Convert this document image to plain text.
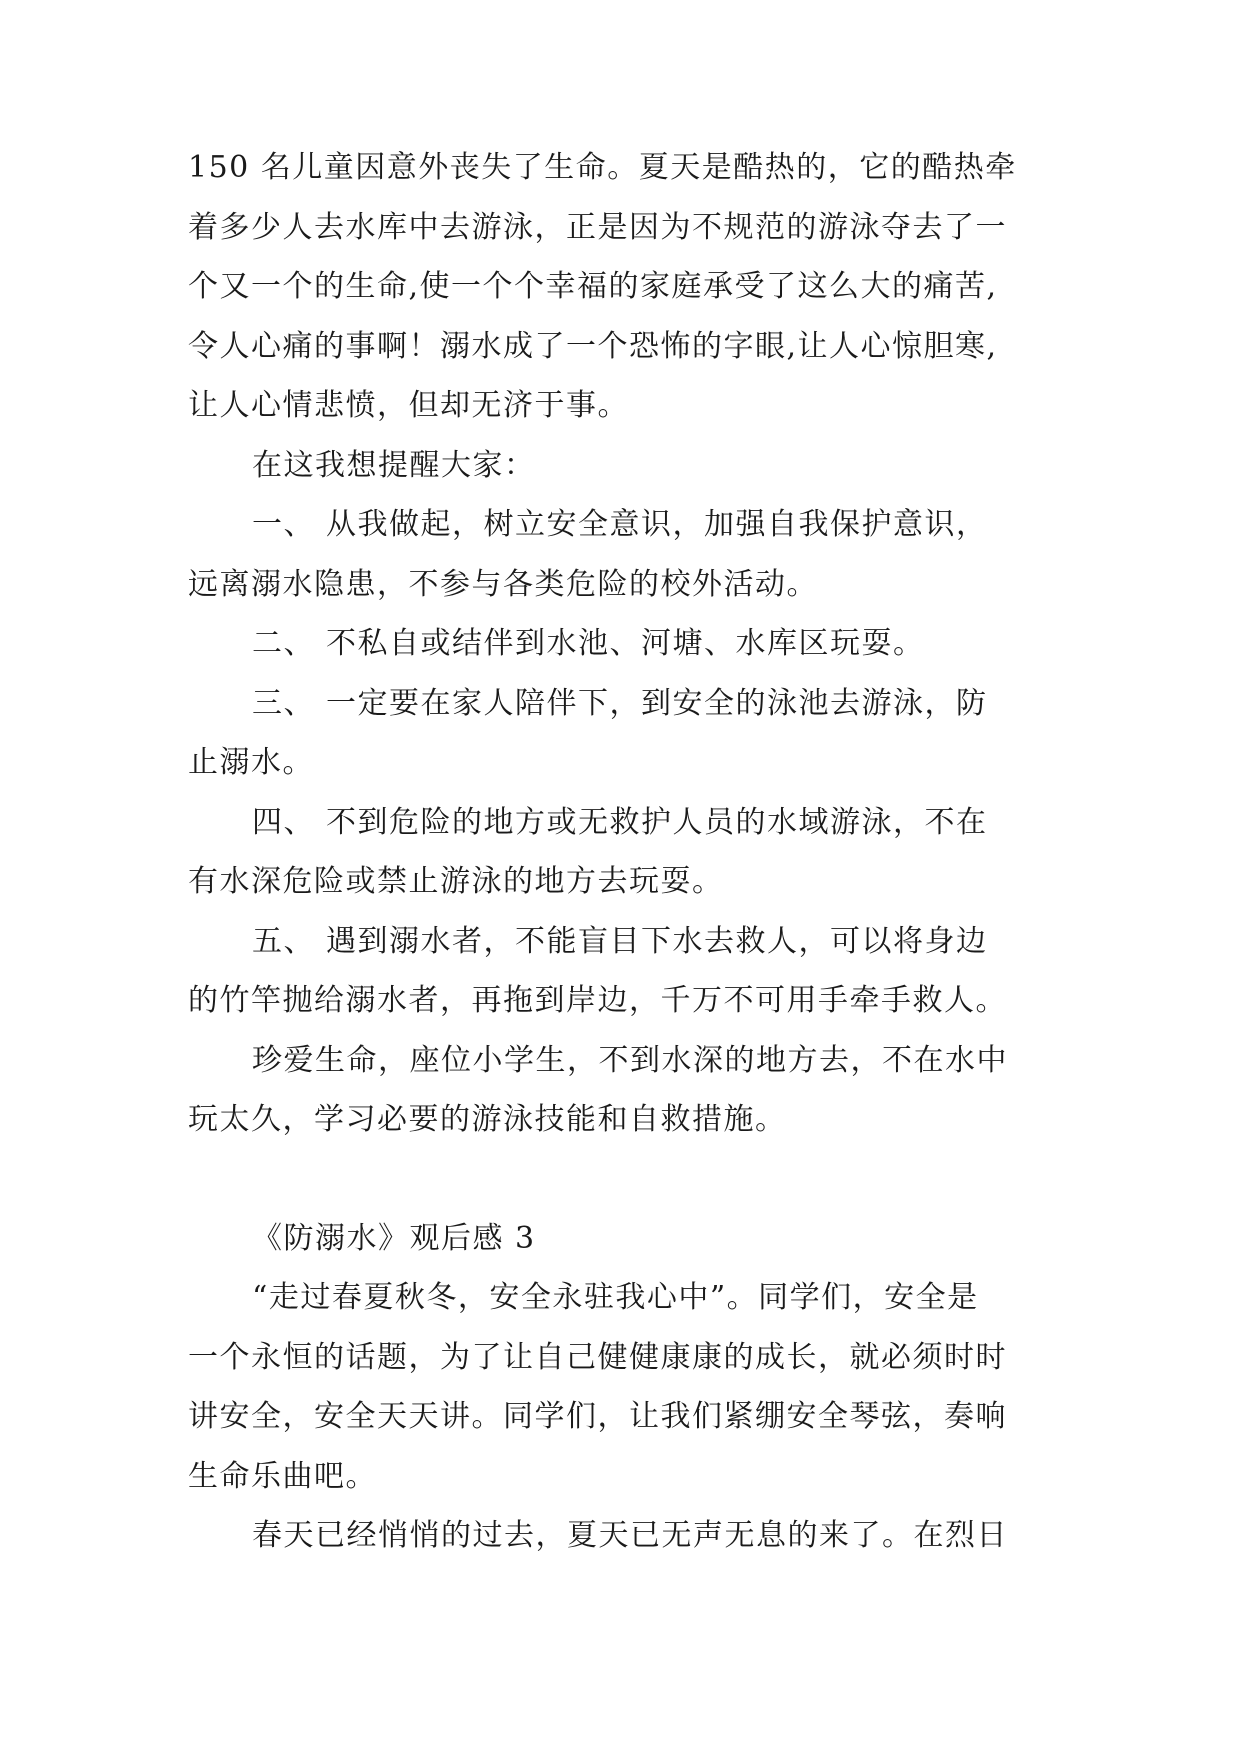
150 名儿童因意外丧失了生命。夏天是酷热的，它的酷热牵
着多少人去水库中去游泳，正是因为不规范的游泳夺去了一
个又一个的生命,使一个个幸福的家庭承受了这么大的痛苦,
令人心痛的事啊！溺水成了一个恐怖的字眼,让人心惊胆寒,
让人心情悲愤，但却无济于事。
在这我想提醒大家：
一、 从我做起，树立安全意识，加强自我保护意识，
远离溺水隐患，不参与各类危险的校外活动。
二、 不私自或结伴到水池、河塘、水库区玩耍。
三、 一定要在家人陪伴下，到安全的泳池去游泳，防
止溺水。
四、 不到危险的地方或无救护人员的水域游泳，不在
有水深危险或禁止游泳的地方去玩耍。
五、 遇到溺水者，不能盲目下水去救人，可以将身边
的竹竿抛给溺水者，再拖到岸边，千万不可用手牵手救人。
珍爱生命，座位小学生，不到水深的地方去，不在水中
玩太久，学习必要的游泳技能和自救措施。
《防溺水》观后感 3
“走过春夏秋冬，安全永驻我心中”。同学们，安全是
一个永恒的话题，为了让自己健健康康的成长，就必须时时
讲安全，安全天天讲。同学们，让我们紧绷安全琴弦，奏响
生命乐曲吧。
春天已经悄悄的过去，夏天已无声无息的来了。在烈日
